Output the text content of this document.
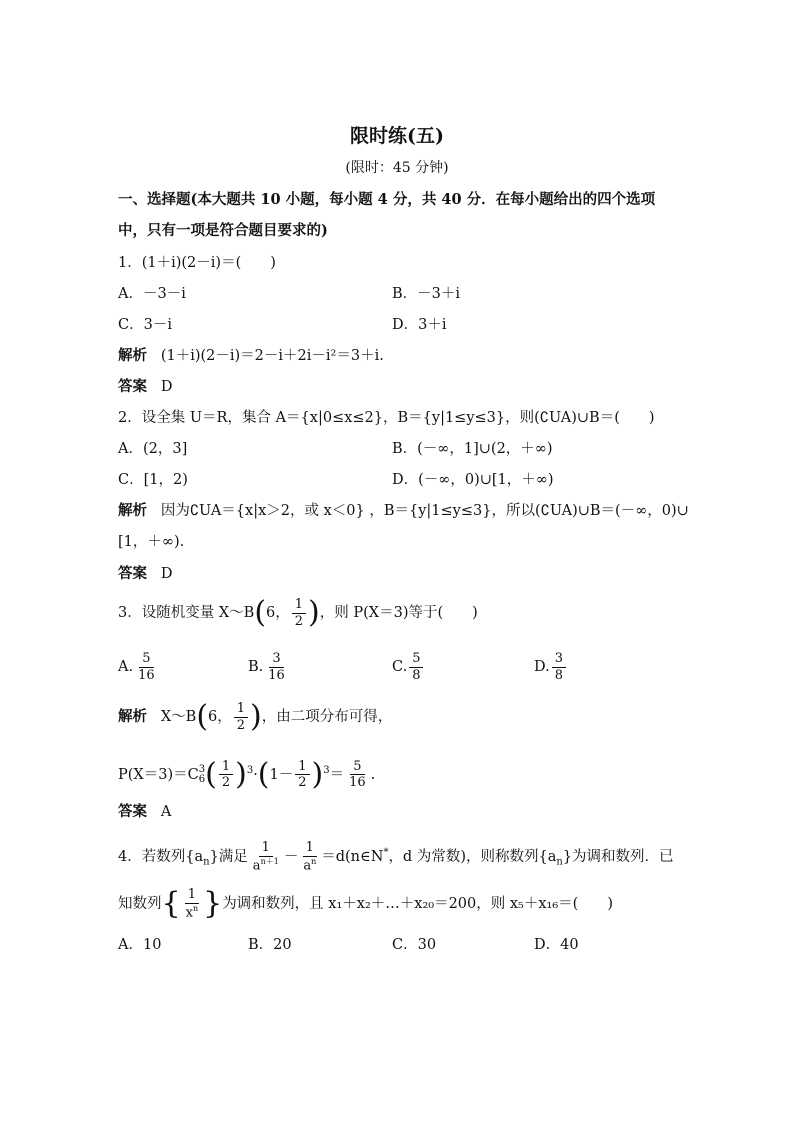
限时练(五)
(限时：45 分钟)
一、选择题(本大题共 10 小题，每小题 4 分，共 40 分．在每小题给出的四个选项
中，只有一项是符合题目要求的)
1．(1＋i)(2－i)＝(　　)
A．－3－i	B．－3＋i
C．3－i	D．3＋i
解析 (1＋i)(2－i)＝2－i＋2i－i²＝3＋i.
答案 D
2．设全集 U＝R，集合 A＝{x|0≤x≤2}，B＝{y|1≤y≤3}，则(∁UA)∪B＝(　　)
A．(2，3]	B．(－∞，1]∪(2，＋∞)
C．[1，2)	D．(－∞，0)∪[1，＋∞)
解析 因为∁UA＝{x|x＞2，或 x＜0} ，B＝{y|1≤y≤3}，所以(∁UA)∪B＝(－∞，0)∪
[1，＋∞).
答案 D
3．设随机变量 X～B(6， $\frac{1}{2}$ )，则 P(X＝3)等于(　　)
A. $\frac{5}{16}$	B. $\frac{3}{16}$	C. $\frac{5}{8}$	D. $\frac{3}{8}$
解析 X～B(6， $\frac{1}{2}$ )，由二项分布可得，
P(X＝3)＝C 3
6 ( $\frac{1}{2} )^3\cdot(1- \frac{1}{2} )^3= \frac{5}{16}$ .
答案 A
4．若数列$\{a_n\}$满足 $\frac{1}{a^{n+1}} - \frac{1}{a^n}$ ＝d(n∈N*，d 为常数)，则称数列$\{a_n\}$为调和数列．已
知数列{ $\frac{1}{x^n}$ }为调和数列，且 x₁＋x₂＋…＋x₂₀＝200，则 x₅＋x₁₆＝(　　)
A．10	B．20	C．30	D．40
